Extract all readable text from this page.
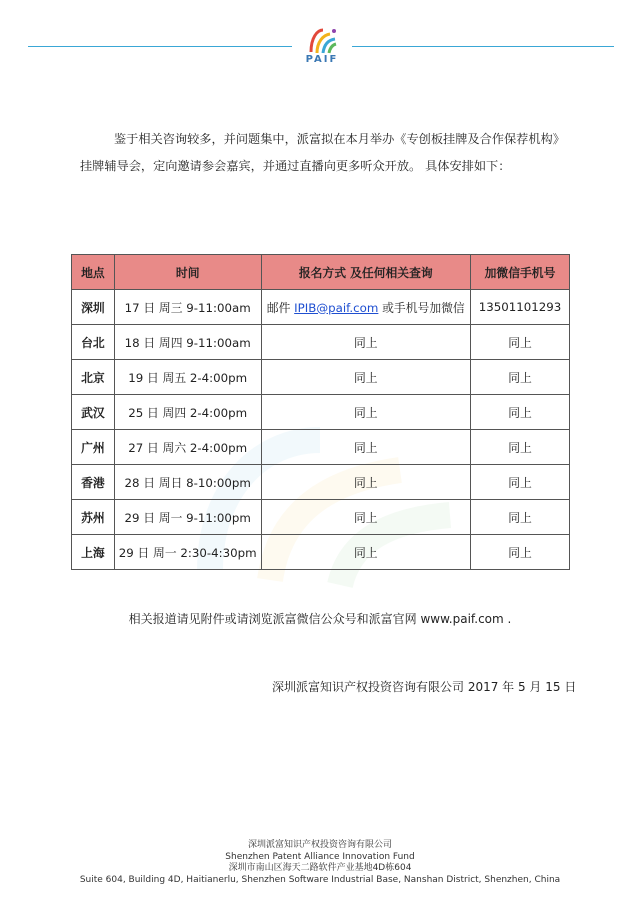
PAIF

鉴于相关咨询较多，并问题集中，派富拟在本月举办《专创板挂牌及合作保荐机构》

挂牌辅导会，定向邀请参会嘉宾，并通过直播向更多听众开放。 具体安排如下：

地点	时间	报名方式 及任何相关查询	加微信手机号
深圳	17 日 周三 9-11:00am	邮件 IPIB@paif.com 或手机号加微信	13501101293
台北	18 日 周四 9-11:00am	同上	同上
北京	19 日 周五 2-4:00pm	同上	同上
武汉	25 日 周四 2-4:00pm	同上	同上
广州	27 日 周六 2-4:00pm	同上	同上
香港	28 日 周日 8-10:00pm	同上	同上
苏州	29 日 周一 9-11:00pm	同上	同上
上海	29 日 周一 2:30-4:30pm	同上	同上
相关报道请见附件或请浏览派富微信公众号和派富官网 www.paif.com .
深圳派富知识产权投资咨询有限公司 2017 年 5 月 15 日
深圳派富知识产权投资咨询有限公司
Shenzhen Patent Alliance Innovation Fund
深圳市南山区海天二路软件产业基地4D栋604
Suite 604, Building 4D, Haitianerlu, Shenzhen Software Industrial Base, Nanshan District, Shenzhen, China
